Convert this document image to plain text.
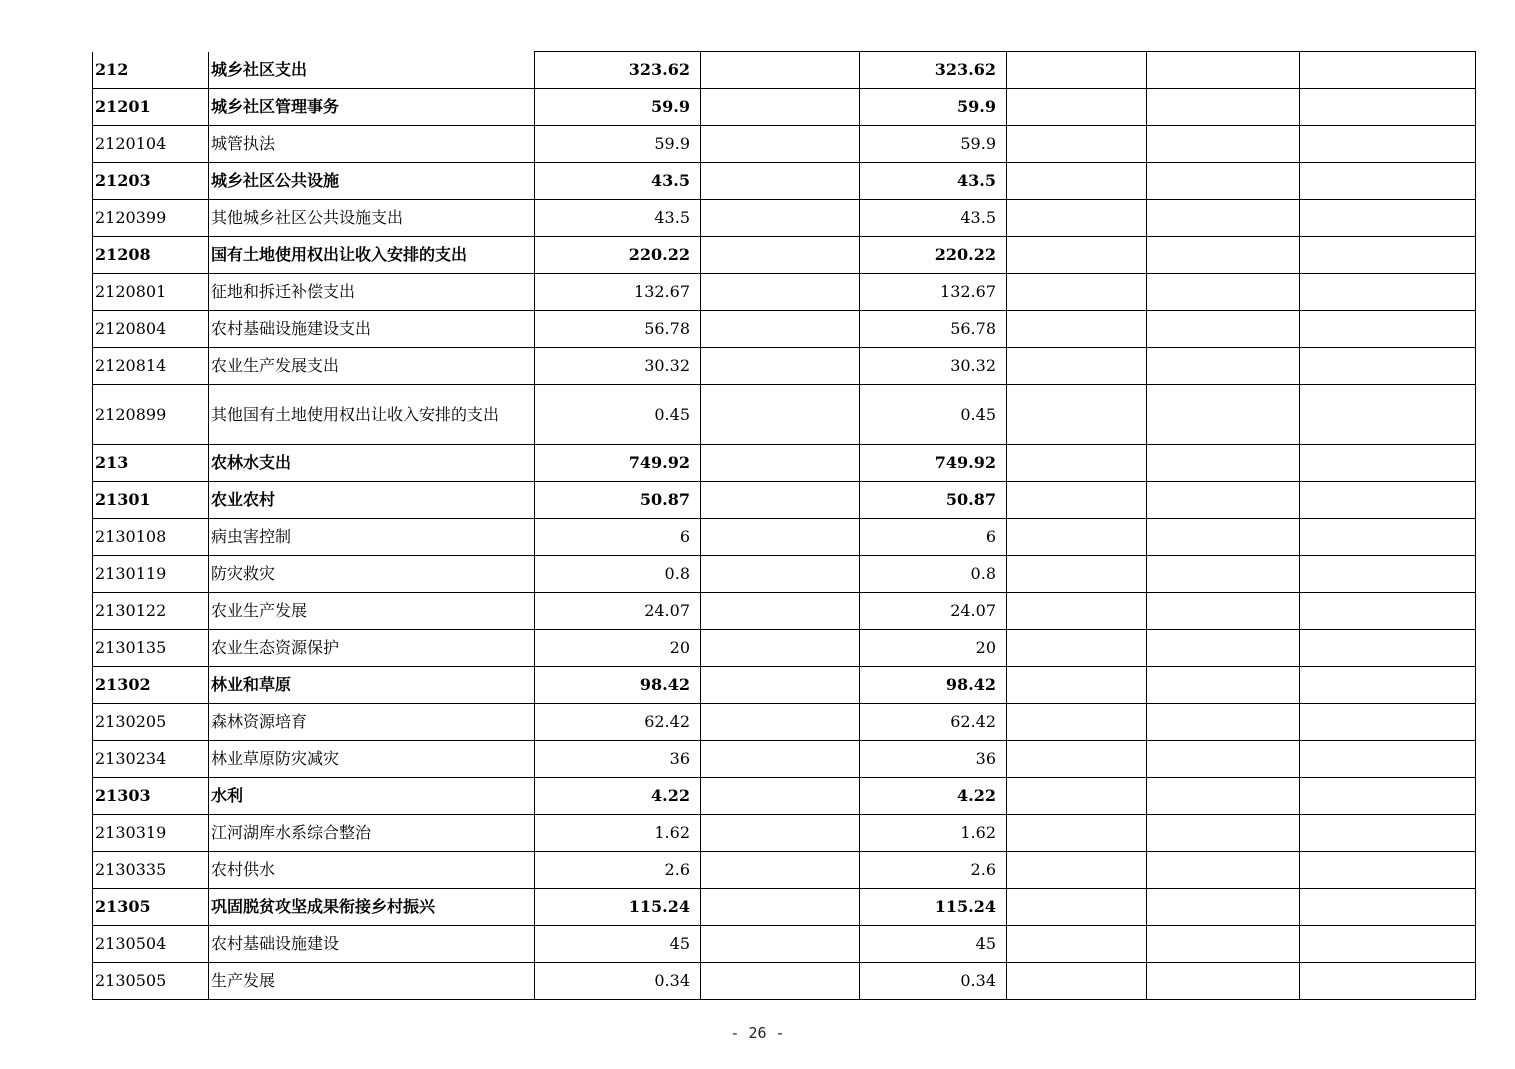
212	城乡社区支出	323.62		323.62			
21201	城乡社区管理事务	59.9		59.9			
2120104	城管执法	59.9		59.9			
21203	城乡社区公共设施	43.5		43.5			
2120399	其他城乡社区公共设施支出	43.5		43.5			
21208	国有土地使用权出让收入安排的支出	220.22		220.22			
2120801	征地和拆迁补偿支出	132.67		132.67			
2120804	农村基础设施建设支出	56.78		56.78			
2120814	农业生产发展支出	30.32		30.32			
2120899	其他国有土地使用权出让收入安排的支出	0.45		0.45			
213	农林水支出	749.92		749.92			
21301	农业农村	50.87		50.87			
2130108	病虫害控制	6		6			
2130119	防灾救灾	0.8		0.8			
2130122	农业生产发展	24.07		24.07			
2130135	农业生态资源保护	20		20			
21302	林业和草原	98.42		98.42			
2130205	森林资源培育	62.42		62.42			
2130234	林业草原防灾减灾	36		36			
21303	水利	4.22		4.22			
2130319	江河湖库水系综合整治	1.62		1.62			
2130335	农村供水	2.6		2.6			
21305	巩固脱贫攻坚成果衔接乡村振兴	115.24		115.24			
2130504	农村基础设施建设	45		45			
2130505	生产发展	0.34		0.34			
- 26 -
